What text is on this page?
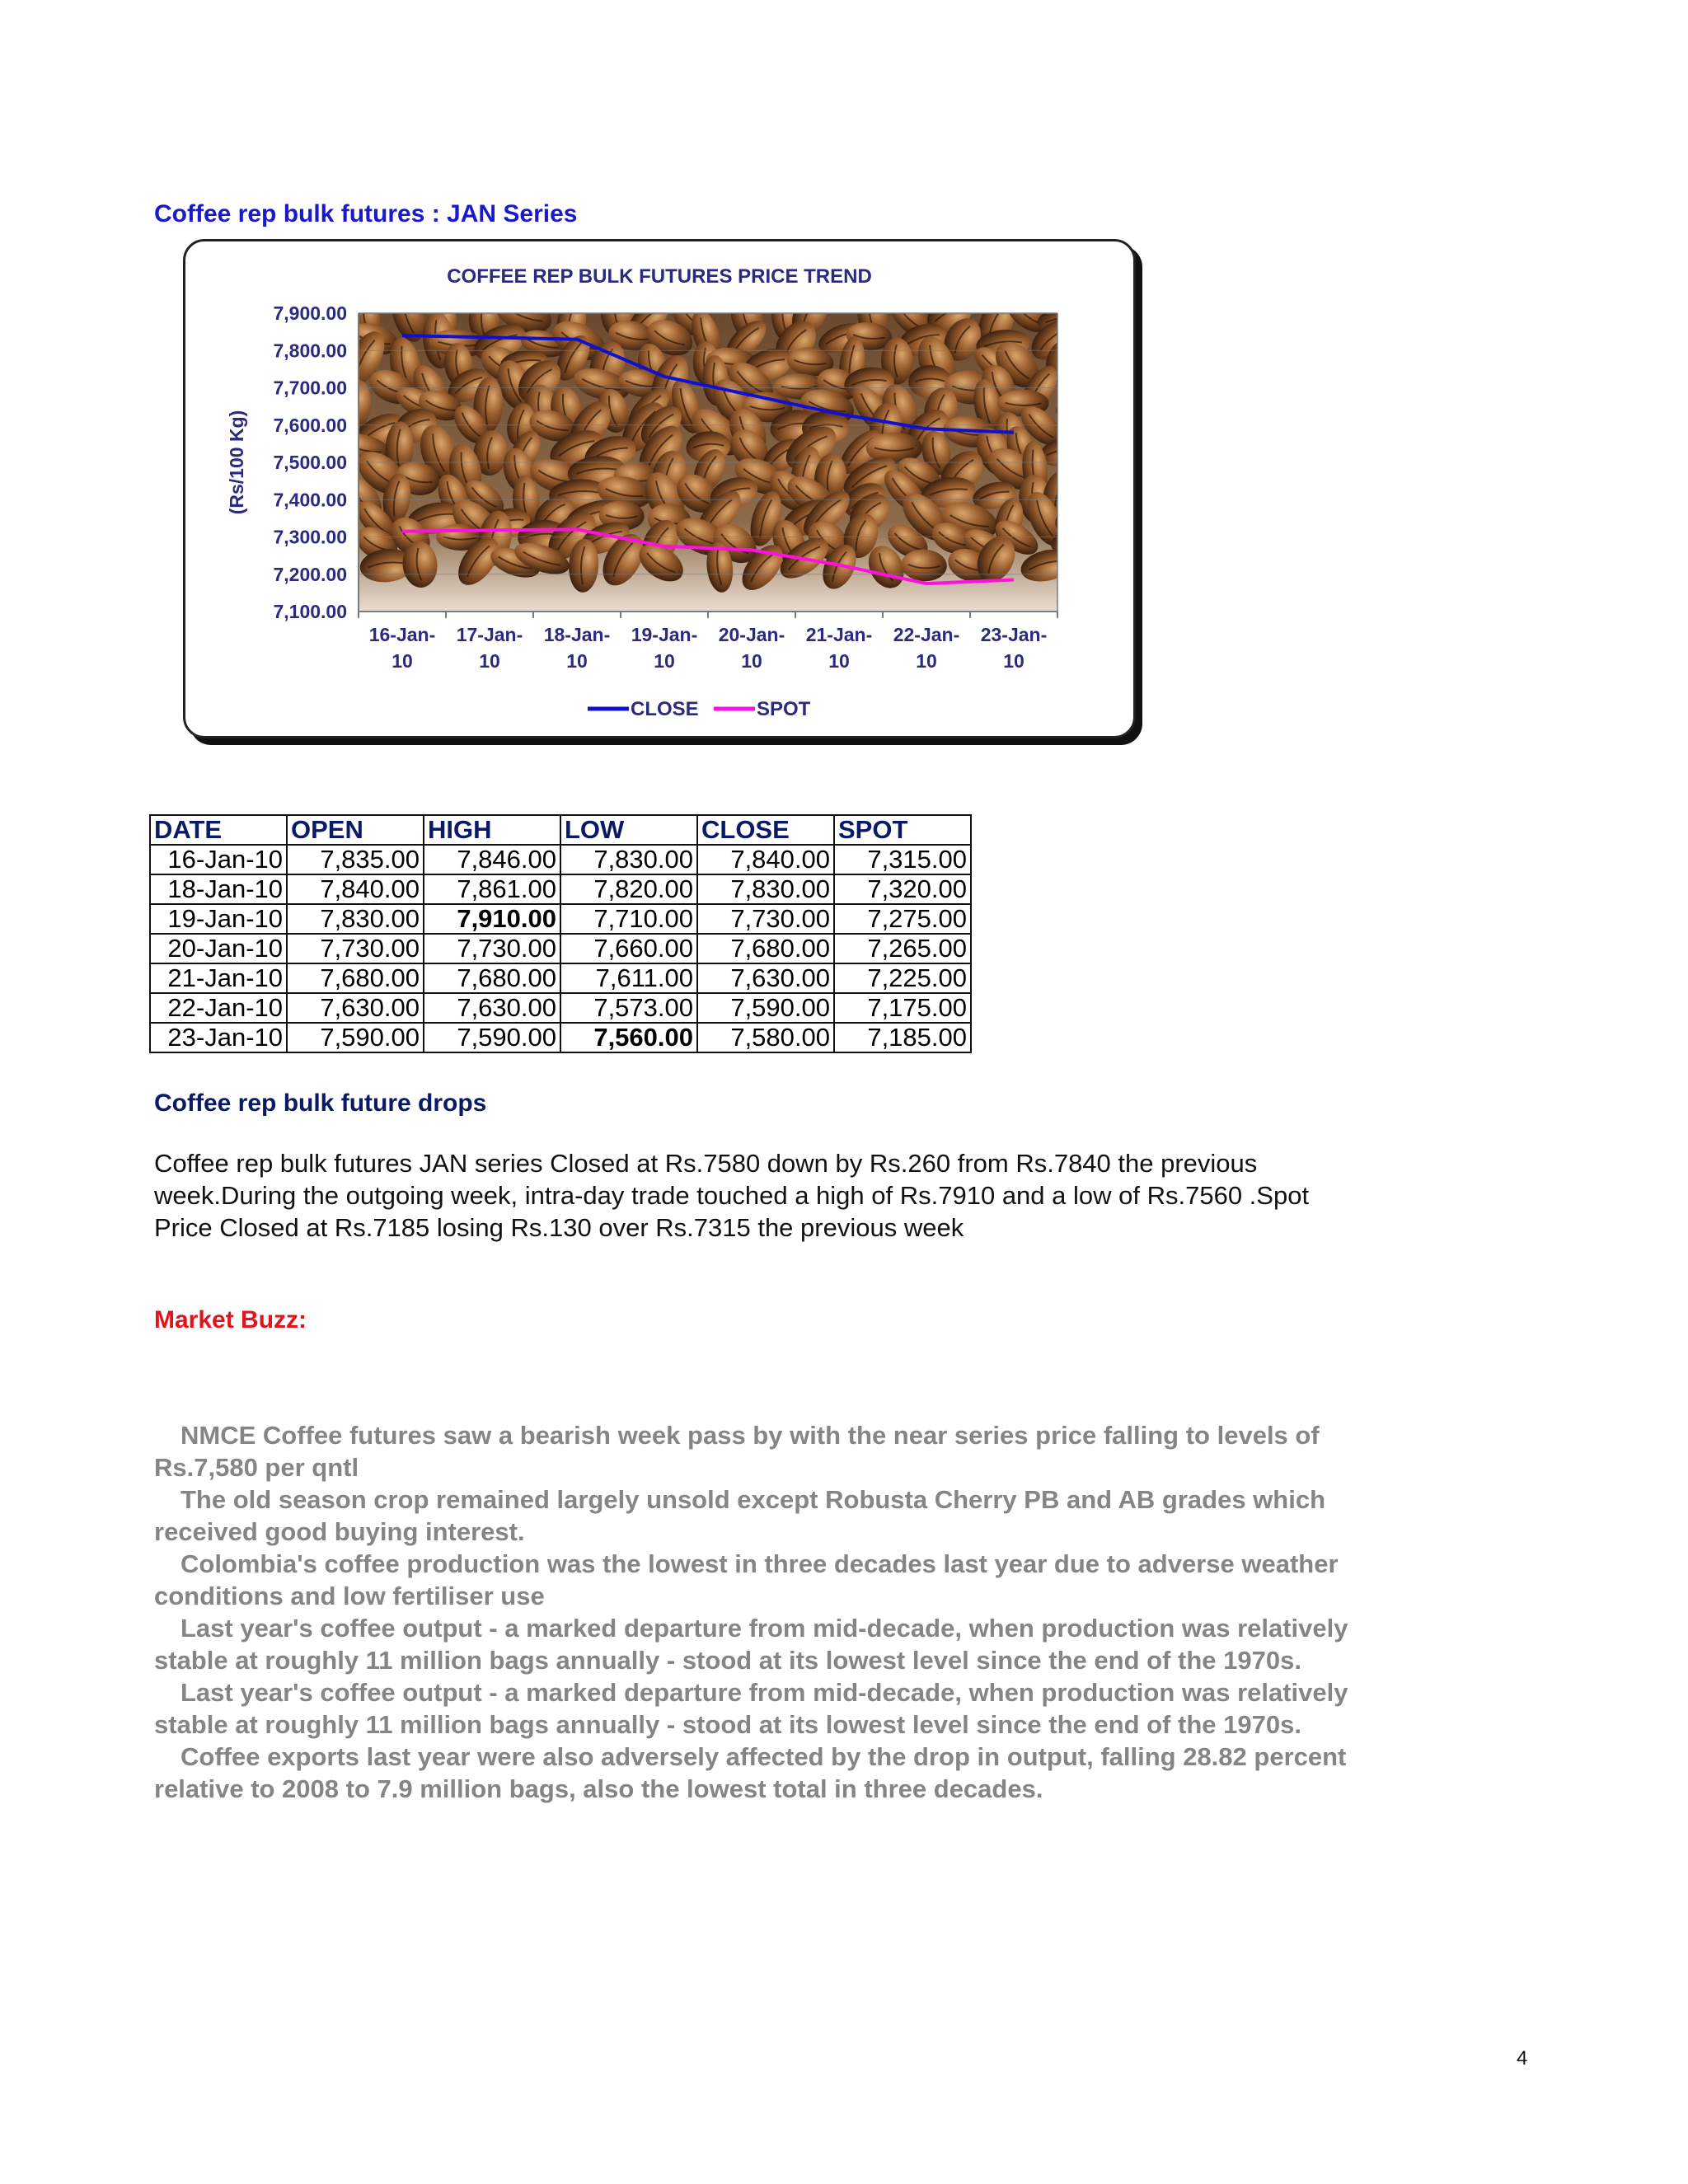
Coffee rep bulk futures : JAN Series
COFFEE REP BULK FUTURES PRICE TREND
7,100.00
7,200.00
7,300.00
7,400.00
7,500.00
7,600.00
7,700.00
7,800.00
7,900.00
16-Jan-10
17-Jan-10
18-Jan-10
19-Jan-10
20-Jan-10
21-Jan-10
22-Jan-10
23-Jan-10
(Rs/100 Kg)
CLOSE	SPOT
DATE	OPEN	HIGH	LOW	CLOSE	SPOT
16-Jan-10	7,835.00	7,846.00	7,830.00	7,840.00	7,315.00
18-Jan-10	7,840.00	7,861.00	7,820.00	7,830.00	7,320.00
19-Jan-10	7,830.00	7,910.00	7,710.00	7,730.00	7,275.00
20-Jan-10	7,730.00	7,730.00	7,660.00	7,680.00	7,265.00
21-Jan-10	7,680.00	7,680.00	7,611.00	7,630.00	7,225.00
22-Jan-10	7,630.00	7,630.00	7,573.00	7,590.00	7,175.00
23-Jan-10	7,590.00	7,590.00	7,560.00	7,580.00	7,185.00
Coffee rep bulk future drops
Coffee rep bulk futures JAN series Closed at Rs.7580 down by Rs.260 from Rs.7840 the previous
week.During the outgoing week, intra-day trade touched a high of Rs.7910 and a low of Rs.7560 .Spot
Price Closed at Rs.7185 losing Rs.130 over Rs.7315 the previous week
Market Buzz:

NMCE Coffee futures saw a bearish week pass by with the near series price falling to levels of Rs.7,580 per qntl

The old season crop remained largely unsold except Robusta Cherry PB and AB grades which received good buying interest.

Colombia's coffee production was the lowest in three decades last year due to adverse weather conditions and low fertiliser use

Last year's coffee output - a marked departure from mid-decade, when production was relatively stable at roughly 11 million bags annually - stood at its lowest level since the end of the 1970s.

Last year's coffee output - a marked departure from mid-decade, when production was relatively stable at roughly 11 million bags annually - stood at its lowest level since the end of the 1970s.

Coffee exports last year were also adversely affected by the drop in output, falling 28.82 percent relative to 2008 to 7.9 million bags, also the lowest total in three decades.

4
